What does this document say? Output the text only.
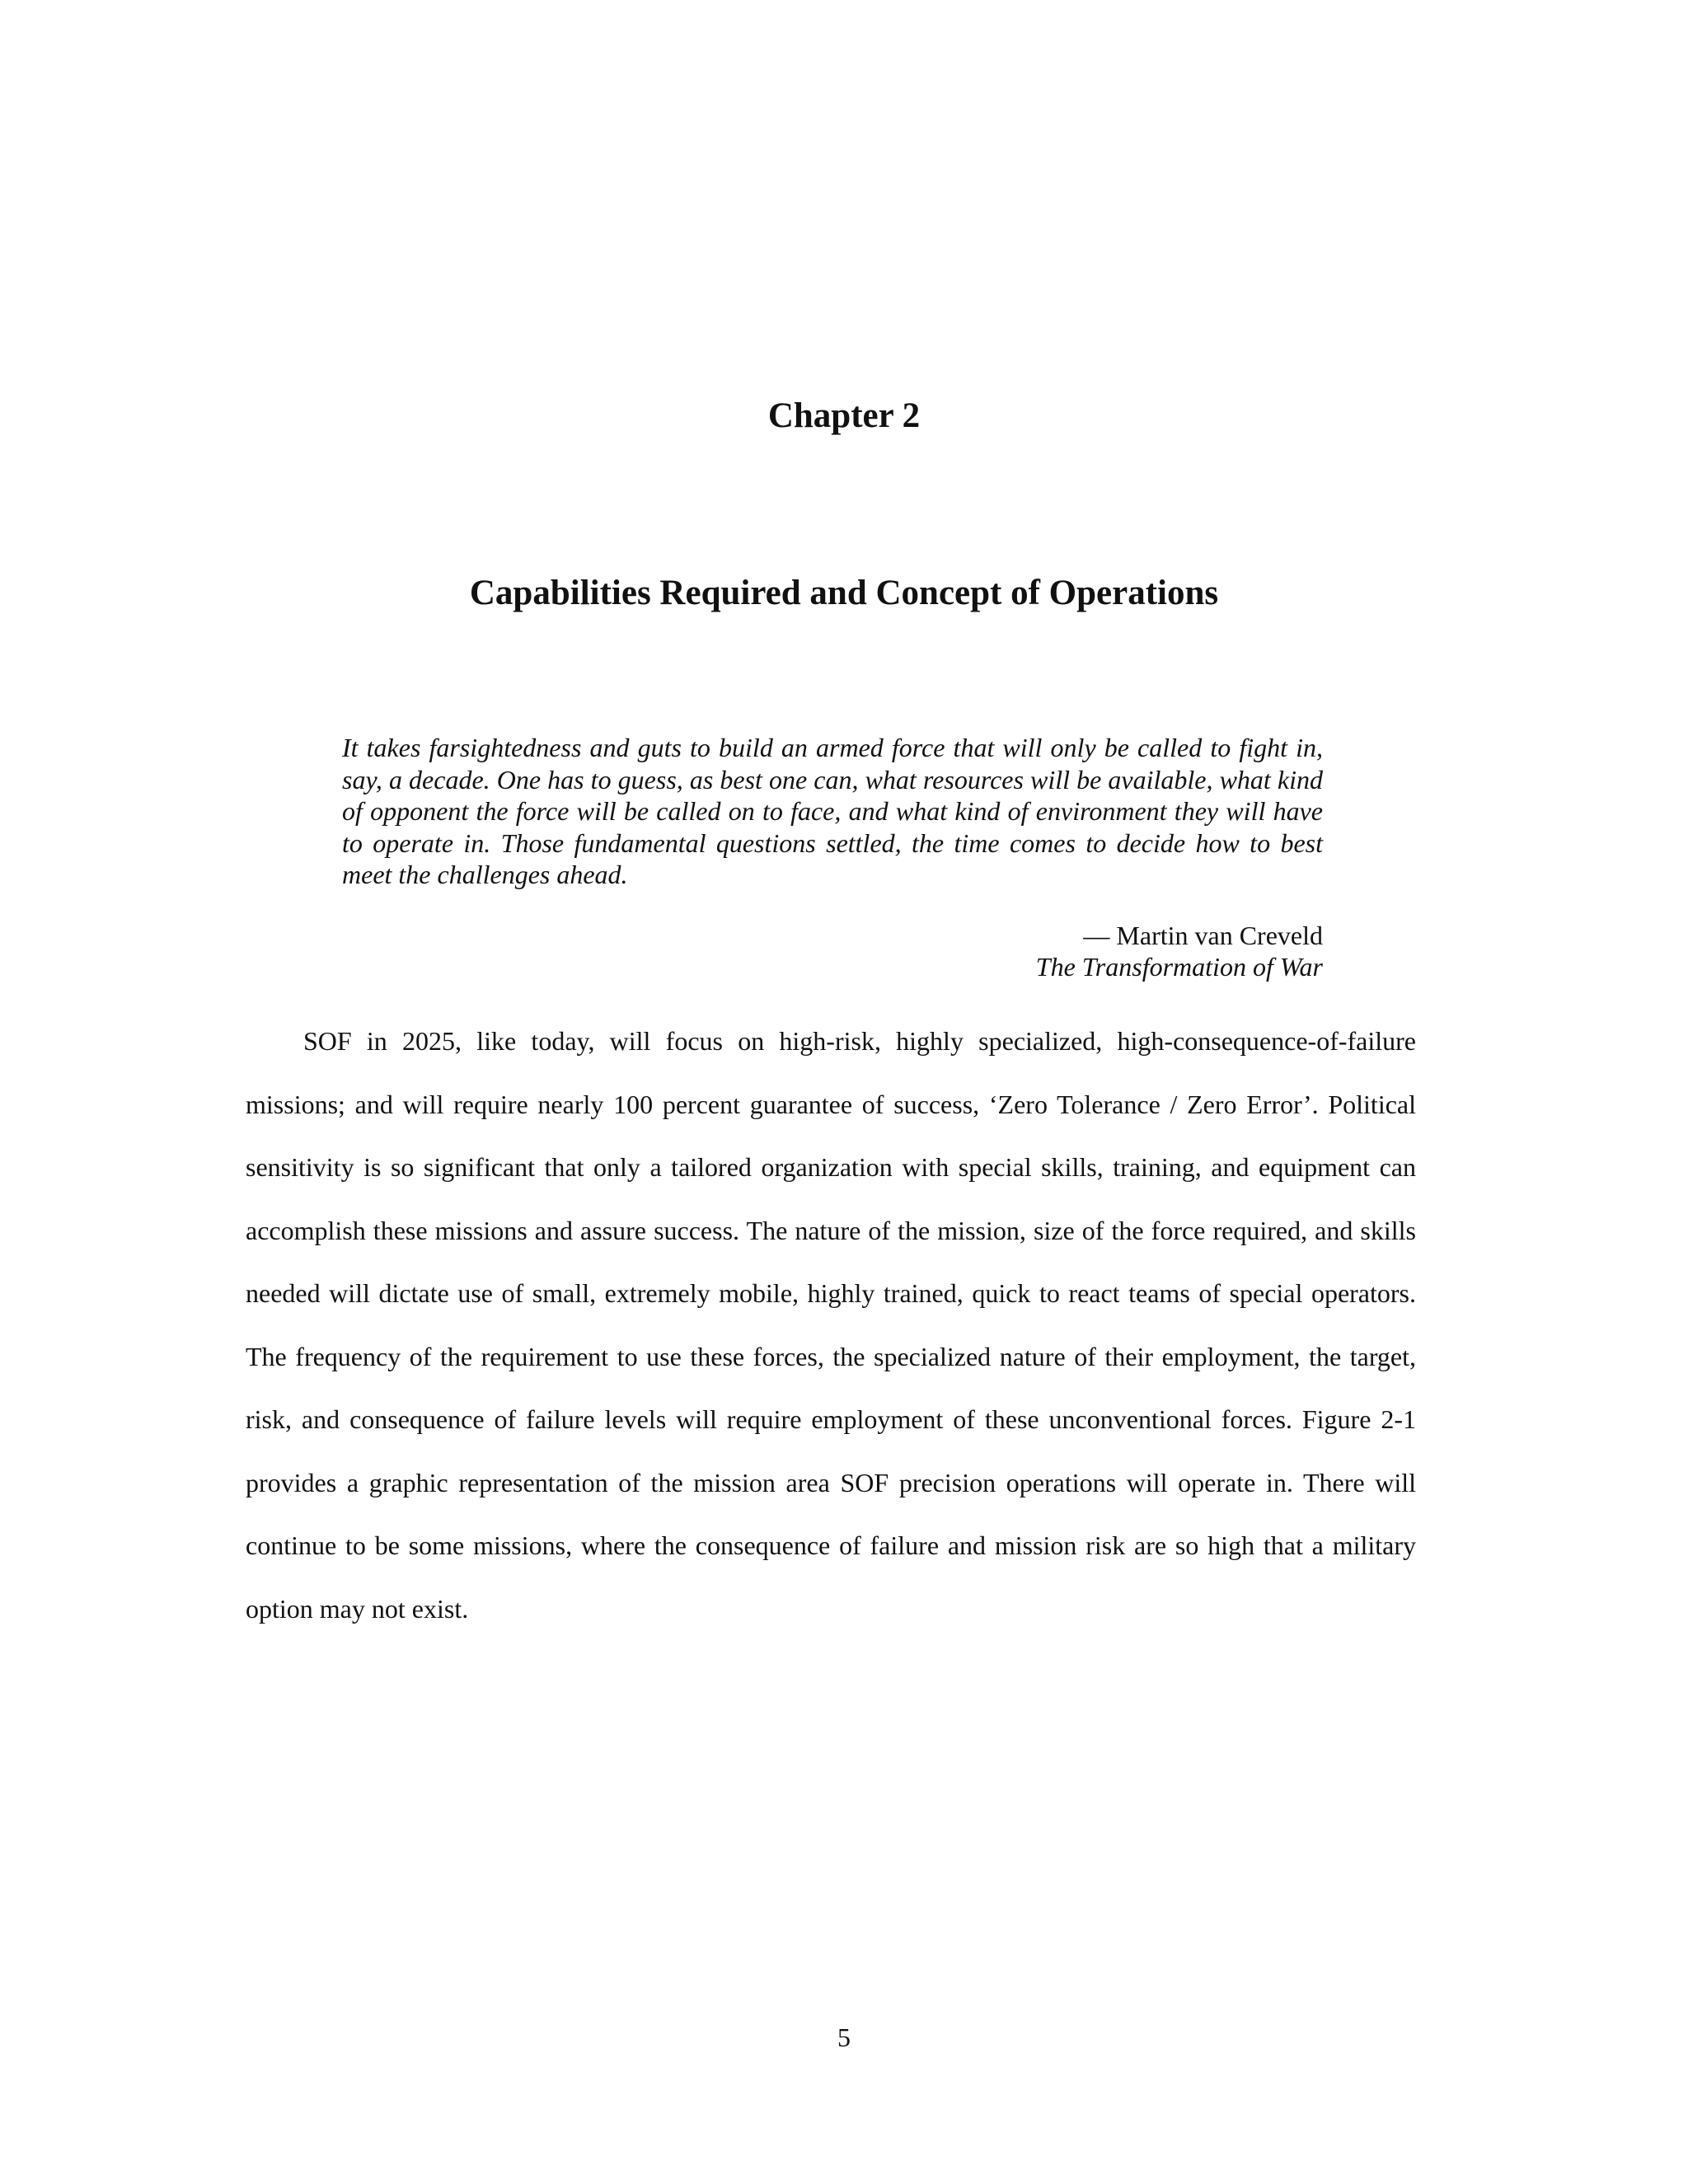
Chapter 2
Capabilities Required and Concept of Operations

It takes farsightedness and guts to build an armed force that will only be called to fight in, say, a decade. One has to guess, as best one can, what resources will be available, what kind of opponent the force will be called on to face, and what kind of environment they will have to operate in. Those fundamental questions settled, the time comes to decide how to best meet the challenges ahead.

— Martin van Creveld
The Transformation of War

SOF in 2025, like today, will focus on high-risk, highly specialized, high-consequence-of-failure missions; and will require nearly 100 percent guarantee of success, ‘Zero Tolerance / Zero Error’. Political sensitivity is so significant that only a tailored organization with special skills, training, and equipment can accomplish these missions and assure success. The nature of the mission, size of the force required, and skills needed will dictate use of small, extremely mobile, highly trained, quick to react teams of special operators. The frequency of the requirement to use these forces, the specialized nature of their employment, the target, risk, and consequence of failure levels will require employment of these unconventional forces. Figure 2-1 provides a graphic representation of the mission area SOF precision operations will operate in. There will continue to be some missions, where the consequence of failure and mission risk are so high that a military option may not exist.

5
